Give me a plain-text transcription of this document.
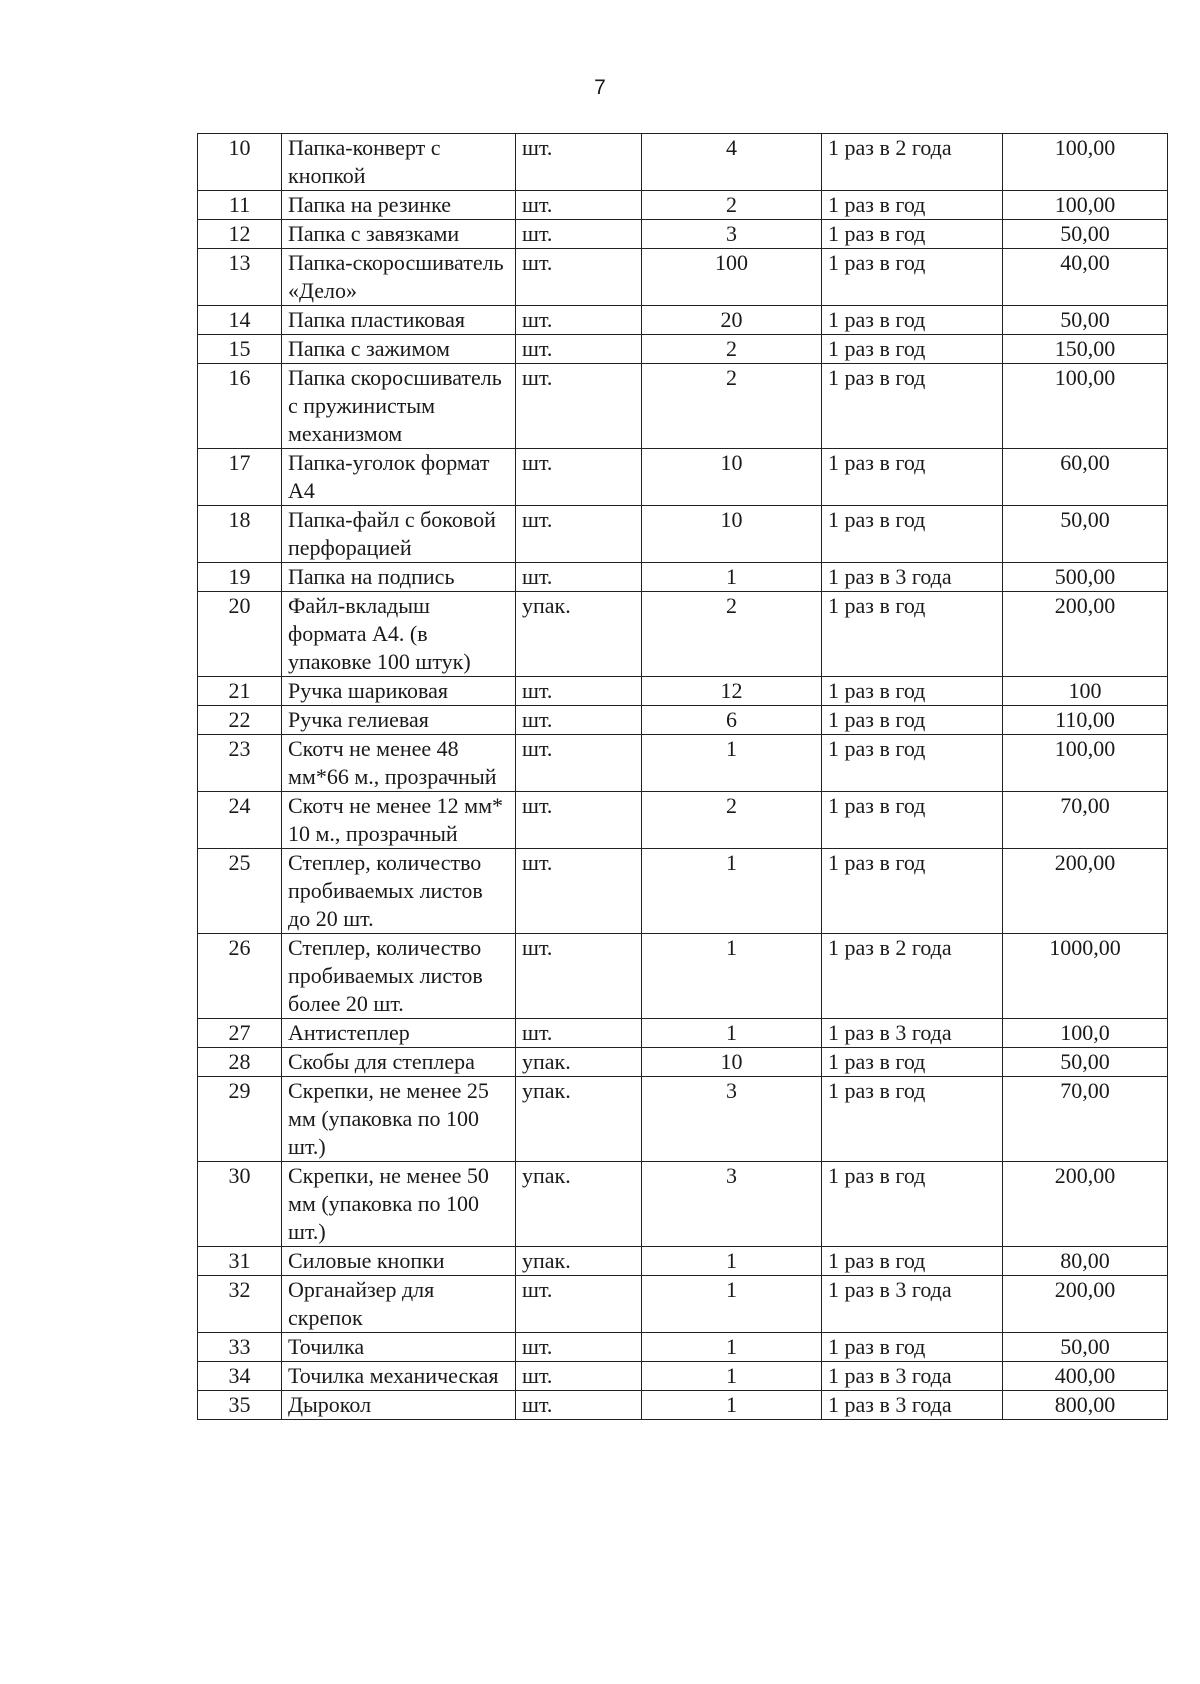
7
10	Папка-конверт с кнопкой	шт.	4	1 раз в 2 года	100,00

11	Папка на резинке	шт.	2	1 раз в год	100,00

12	Папка с завязками	шт.	3	1 раз в год	50,00

13	Папка-скоросшиватель «Дело»	шт.	100	1 раз в год	40,00

14	Папка пластиковая	шт.	20	1 раз в год	50,00

15	Папка с зажимом	шт.	2	1 раз в год	150,00

16	Папка скоросшиватель с пружинистым механизмом	шт.	2	1 раз в год	100,00

17	Папка-уголок формат А4	шт.	10	1 раз в год	60,00

18	Папка-файл с боковой перфорацией	шт.	10	1 раз в год	50,00

19	Папка на подпись	шт.	1	1 раз в 3 года	500,00

20	Файл-вкладыш формата А4. (в упаковке 100 штук)	упак.	2	1 раз в год	200,00

21	Ручка шариковая	шт.	12	1 раз в год	100

22	Ручка гелиевая	шт.	6	1 раз в год	110,00

23	Скотч не менее 48 мм*66 м., прозрачный	шт.	1	1 раз в год	100,00

24	Скотч не менее 12 мм* 10 м., прозрачный	шт.	2	1 раз в год	70,00

25	Степлер, количество пробиваемых листов до 20 шт.	шт.	1	1 раз в год	200,00

26	Степлер, количество пробиваемых листов более 20 шт.	шт.	1	1 раз в 2 года	1000,00

27	Антистеплер	шт.	1	1 раз в 3 года	100,0

28	Скобы для степлера	упак.	10	1 раз в год	50,00

29	Скрепки, не менее 25 мм (упаковка по 100 шт.)	упак.	3	1 раз в год	70,00

30	Скрепки, не менее 50 мм (упаковка по 100 шт.)	упак.	3	1 раз в год	200,00

31	Силовые кнопки	упак.	1	1 раз в год	80,00

32	Органайзер для скрепок	шт.	1	1 раз в 3 года	200,00

33	Точилка	шт.	1	1 раз в год	50,00

34	Точилка механическая	шт.	1	1 раз в 3 года	400,00

35	Дырокол	шт.	1	1 раз в 3 года	800,00
